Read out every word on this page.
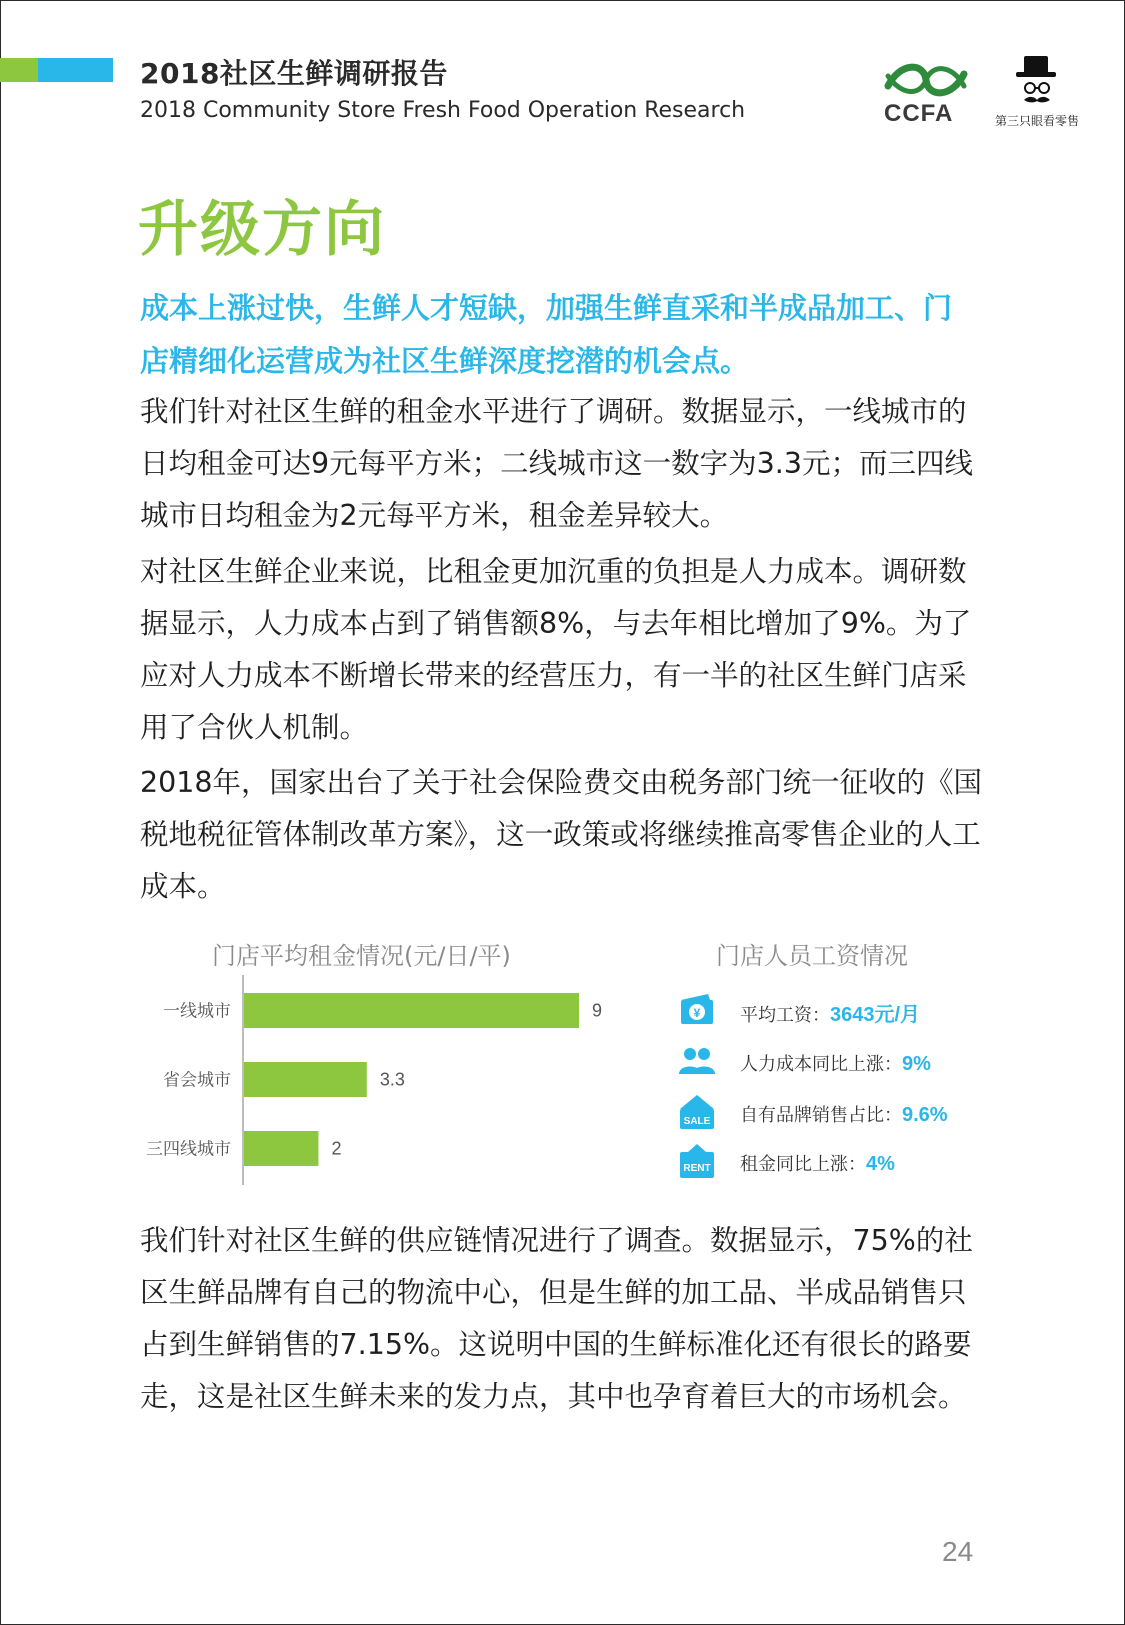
2018社区生鲜调研报告
2018 Community Store Fresh Food Operation Research	CCFA	第三只眼看零售
升级方向
成本上涨过快，生鲜人才短缺，加强生鲜直采和半成品加工、门店精细化运营成为社区生鲜深度挖潜的机会点。
我们针对社区生鲜的租金水平进行了调研。数据显示，一线城市的日均租金可达9元每平方米；二线城市这一数字为3.3元；而三四线城市日均租金为2元每平方米，租金差异较大。
对社区生鲜企业来说，比租金更加沉重的负担是人力成本。调研数据显示，人力成本占到了销售额8%，与去年相比增加了9%。为了应对人力成本不断增长带来的经营压力，有一半的社区生鲜门店采用了合伙人机制。
2018年，国家出台了关于社会保险费交由税务部门统一征收的《国税地税征管体制改革方案》，这一政策或将继续推高零售企业的人工成本。
门店平均租金情况(元/日/平)
一线城市	9
省会城市	3.3
三四线城市	2
门店人员工资情况
¥ 平均工资：3643元/月
人力成本同比上涨：9%
SALE 自有品牌销售占比：9.6%
RENT 租金同比上涨：4%
我们针对社区生鲜的供应链情况进行了调查。数据显示，75%的社区生鲜品牌有自己的物流中心，但是生鲜的加工品、半成品销售只占到生鲜销售的7.15%。这说明中国的生鲜标准化还有很长的路要走，这是社区生鲜未来的发力点，其中也孕育着巨大的市场机会。
24
